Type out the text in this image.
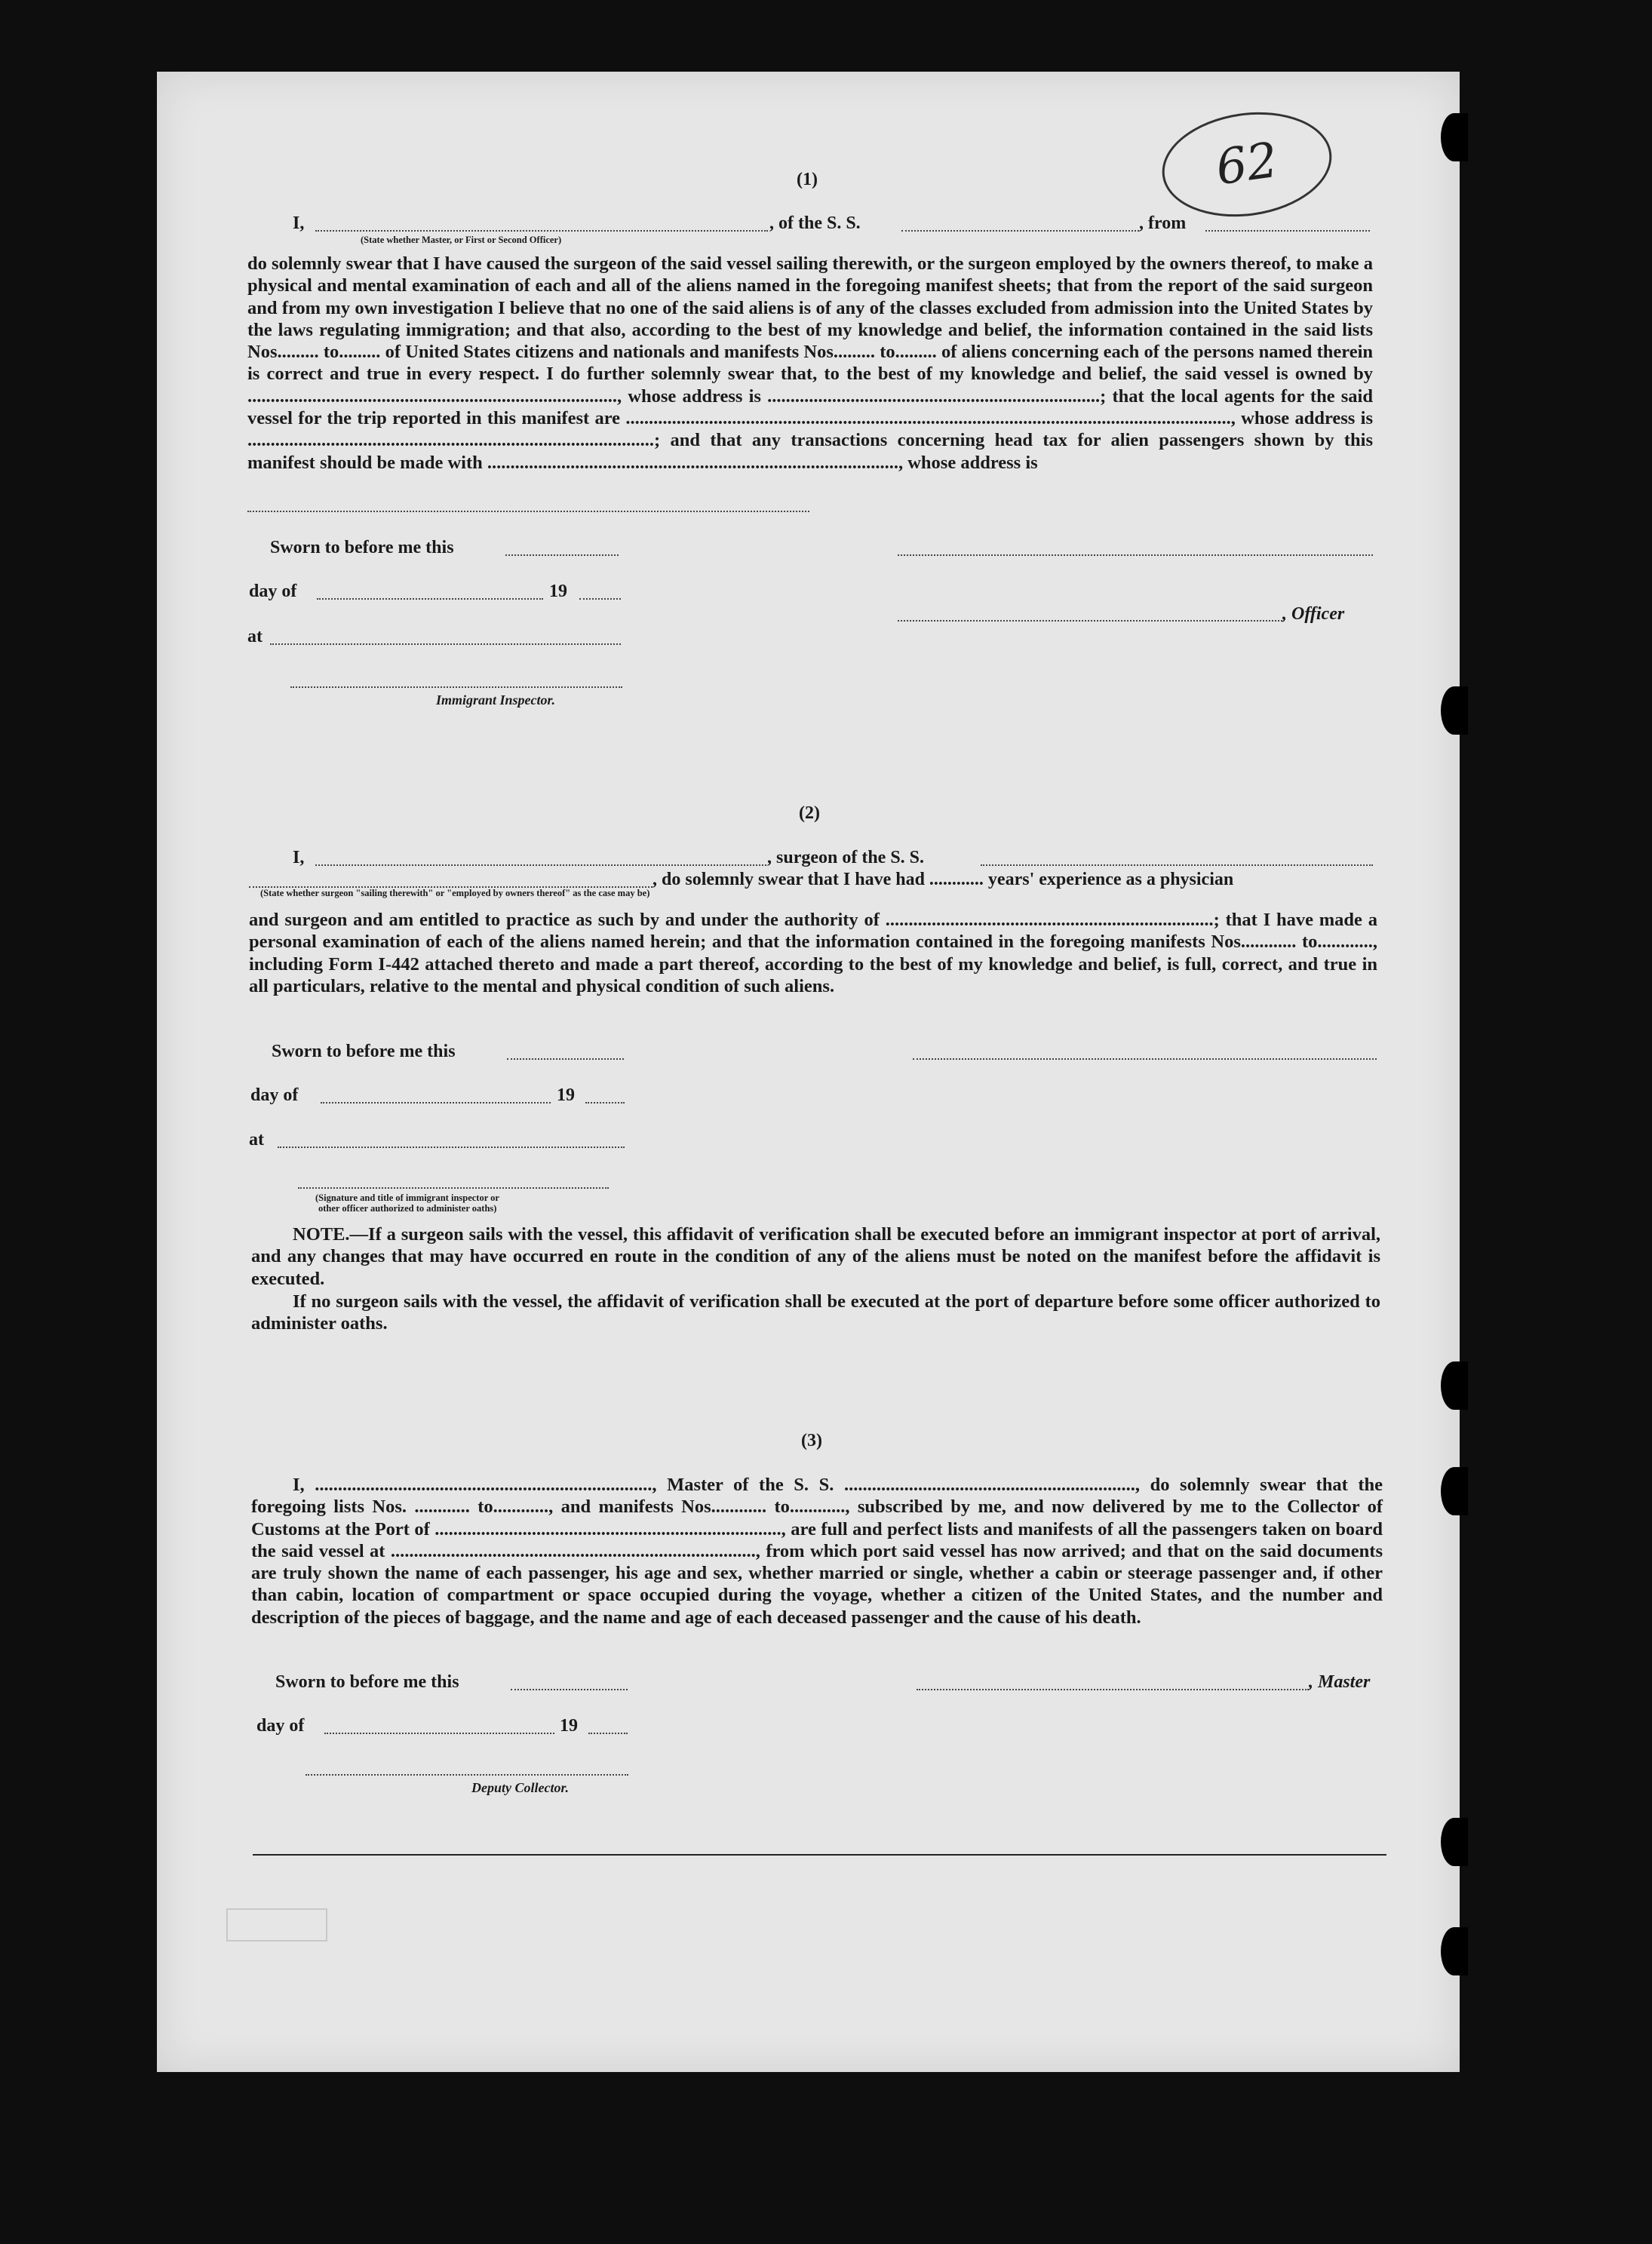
62
(1)
I,	, of the S. S.	, from
(State whether Master, or First or Second Officer)
do solemnly swear that I have caused the surgeon of the said vessel sailing therewith, or the surgeon employed by the owners thereof, to make a physical and mental examination of each and all of the aliens named in the foregoing manifest sheets; that from the report of the said surgeon and from my own investigation I believe that no one of the said aliens is of any of the classes excluded from admission into the United States by the laws regulating immigration; and that also, according to the best of my knowledge and belief, the information contained in the said lists Nos......... to......... of United States citizens and nationals and manifests Nos......... to......... of aliens concerning each of the persons named therein is correct and true in every respect. I do further solemnly swear that, to the best of my knowledge and belief, the said vessel is owned by ................................................................................, whose address is ........................................................................; that the local agents for the said vessel for the trip reported in this manifest are ..................................................................................................................................., whose address is ........................................................................................; and that any transactions concerning head tax for alien passengers shown by this manifest should be made with ........................................................................................., whose address is
Sworn to before me this
day of	19
, Officer
at
Immigrant Inspector.
(2)
I,	, surgeon of the S. S.
, do solemnly swear that I have had ............ years' experience as a physician
(State whether surgeon "sailing therewith" or "employed by owners thereof" as the case may be)
and surgeon and am entitled to practice as such by and under the authority of .......................................................................; that I have made a personal examination of each of the aliens named herein; and that the information contained in the foregoing manifests Nos............ to............, including Form I-442 attached thereto and made a part thereof, according to the best of my knowledge and belief, is full, correct, and true in all particulars, relative to the mental and physical condition of such aliens.
Sworn to before me this
day of	19
at
(Signature and title of immigrant inspector or
other officer authorized to administer oaths)
NOTE.—If a surgeon sails with the vessel, this affidavit of verification shall be executed before an immigrant inspector at port of arrival, and any changes that may have occurred en route in the condition of any of the aliens must be noted on the manifest before the affidavit is executed.
If no surgeon sails with the vessel, the affidavit of verification shall be executed at the port of departure before some officer authorized to administer oaths.
(3)
I, ........................................................................., Master of the S. S. ..............................................................., do solemnly swear that the foregoing lists Nos. ............ to............, and manifests Nos............ to............, subscribed by me, and now delivered by me to the Collector of Customs at the Port of ..........................................................................., are full and perfect lists and manifests of all the passengers taken on board the said vessel at ..............................................................................., from which port said vessel has now arrived; and that on the said documents are truly shown the name of each passenger, his age and sex, whether married or single, whether a cabin or steerage passenger and, if other than cabin, location of compartment or space occupied during the voyage, whether a citizen of the United States, and the number and description of the pieces of baggage, and the name and age of each deceased passenger and the cause of his death.
Sworn to before me this	, Master
day of	19
Deputy Collector.
